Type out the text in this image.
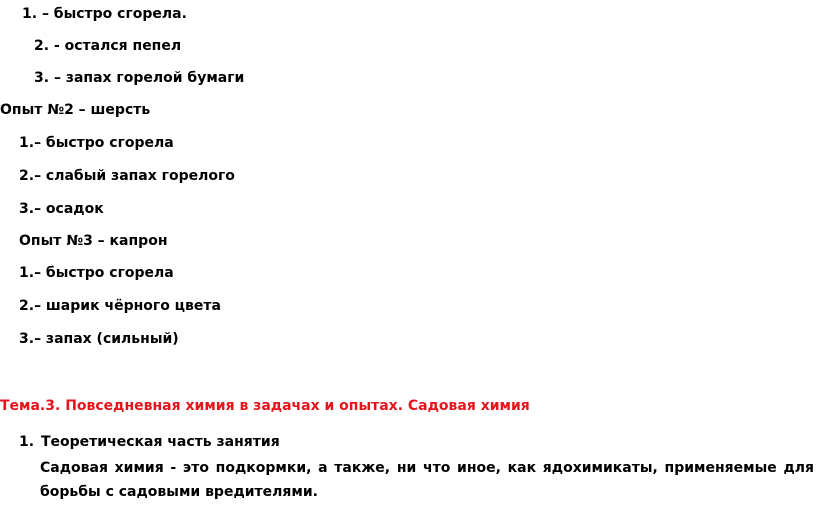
1. – быстро сгорела.
2. - остался пепел
3. – запах горелой бумаги
Опыт №2 – шерсть
1.– быстро сгорела
2.– слабый запах горелого
3.– осадок
Опыт №3 – капрон
1.– быстро сгорела
2.– шарик чёрного цвета
3.– запах (сильный)
Тема.3. Повседневная химия в задачах и опытах. Садовая химия
1. Теоретическая часть занятия
Садовая химия - это подкормки, а также, ни что иное, как ядохимикаты, применяемые для
борьбы с садовыми вредителями.
